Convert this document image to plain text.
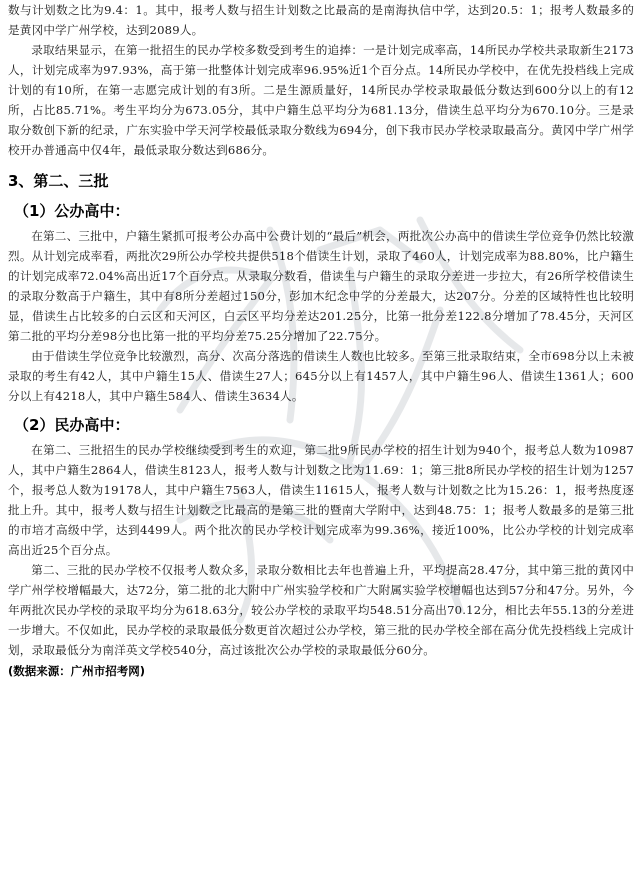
数与计划数之比为9.4：1。其中，报考人数与招生计划数之比最高的是南海执信中学，达到20.5：1；报考人数最多的是黄冈中学广州学校，达到2089人。

录取结果显示，在第一批招生的民办学校多数受到考生的追捧：一是计划完成率高，14所民办学校共录取新生2173人，计划完成率为97.93%，高于第一批整体计划完成率96.95%近1个百分点。14所民办学校中，在优先投档线上完成计划的有10所，在第一志愿完成计划的有3所。二是生源质量好，14所民办学校录取最低分数达到600分以上的有12所，占比85.71%。考生平均分为673.05分，其中户籍生总平均分为681.13分，借读生总平均分为670.10分。三是录取分数创下新的纪录，广东实验中学天河学校最低录取分数线为694分，创下我市民办学校录取最高分。黄冈中学广州学校开办普通高中仅4年，最低录取分数达到686分。

3、第二、三批
（1）公办高中：

在第二、三批中，户籍生紧抓可报考公办高中公费计划的“最后”机会，两批次公办高中的借读生学位竞争仍然比较激烈。从计划完成率看，两批次29所公办学校共提供518个借读生计划，录取了460人，计划完成率为88.80%，比户籍生的计划完成率72.04%高出近17个百分点。从录取分数看，借读生与户籍生的录取分差进一步拉大，有26所学校借读生的录取分数高于户籍生，其中有8所分差超过150分，彭加木纪念中学的分差最大，达207分。分差的区域特性也比较明显，借读生占比较多的白云区和天河区，白云区平均分差达201.25分，比第一批分差122.8分增加了78.45分，天河区第二批的平均分差98分也比第一批的平均分差75.25分增加了22.75分。

由于借读生学位竞争比较激烈，高分、次高分落选的借读生人数也比较多。至第三批录取结束，全市698分以上未被录取的考生有42人，其中户籍生15人、借读生27人；645分以上有1457人，其中户籍生96人、借读生1361人；600分以上有4218人，其中户籍生584人、借读生3634人。

（2）民办高中：

在第二、三批招生的民办学校继续受到考生的欢迎，第二批9所民办学校的招生计划为940个，报考总人数为10987人，其中户籍生2864人，借读生8123人，报考人数与计划数之比为11.69：1；第三批8所民办学校的招生计划为1257个，报考总人数为19178人，其中户籍生7563人，借读生11615人，报考人数与计划数之比为15.26：1，报考热度逐批上升。其中，报考人数与招生计划数之比最高的是第三批的暨南大学附中，达到48.75：1；报考人数最多的是第三批的市培才高级中学，达到4499人。两个批次的民办学校计划完成率为99.36%，接近100%，比公办学校的计划完成率高出近25个百分点。

第二、三批的民办学校不仅报考人数众多，录取分数相比去年也普遍上升，平均提高28.47分，其中第三批的黄冈中学广州学校增幅最大，达72分，第二批的北大附中广州实验学校和广大附属实验学校增幅也达到57分和47分。另外，今年两批次民办学校的录取平均分为618.63分，较公办学校的录取平均548.51分高出70.12分，相比去年55.13的分差进一步增大。不仅如此，民办学校的录取最低分数更首次超过公办学校，第三批的民办学校全部在高分优先投档线上完成计划，录取最低分为南洋英文学校540分，高过该批次公办学校的录取最低分60分。

(数据来源：广州市招考网)
